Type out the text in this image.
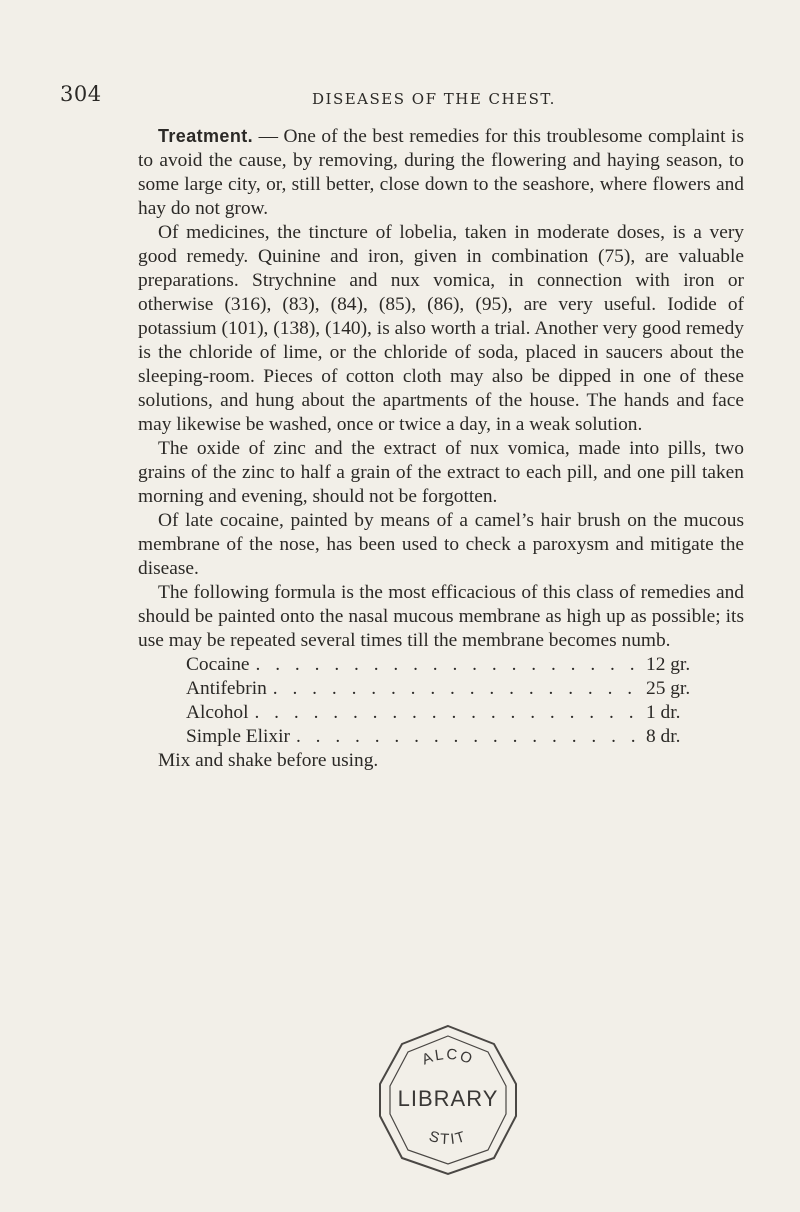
304	DISEASES OF THE CHEST.

Treatment. — One of the best remedies for this troublesome complaint is to avoid the cause, by removing, during the flowering and haying season, to some large city, or, still better, close down to the seashore, where flowers and hay do not grow.

Of medicines, the tincture of lobelia, taken in moderate doses, is a very good remedy. Quinine and iron, given in combination (75), are valuable preparations. Strychnine and nux vomica, in connection with iron or otherwise (316), (83), (84), (85), (86), (95), are very useful. Iodide of potassium (101), (138), (140), is also worth a trial. Another very good remedy is the chloride of lime, or the chloride of soda, placed in saucers about the sleeping-room. Pieces of cotton cloth may also be dipped in one of these solutions, and hung about the apartments of the house. The hands and face may likewise be washed, once or twice a day, in a weak solution.

The oxide of zinc and the extract of nux vomica, made into pills, two grains of the zinc to half a grain of the extract to each pill, and one pill taken morning and evening, should not be forgotten.

Of late cocaine, painted by means of a camel’s hair brush on the mucous membrane of the nose, has been used to check a paroxysm and mitigate the disease.

The following formula is the most efficacious of this class of remedies and should be painted onto the nasal mucous membrane as high up as possible; its use may be repeated several times till the membrane becomes numb.

Cocaine . . .	12 gr.
Antifebrin . . .	25 gr.
Alcohol . . .	1 dr.
Simple Elixir . . .	8 dr.

Mix and shake before using.

ALCO
STIT
LIBRARY
